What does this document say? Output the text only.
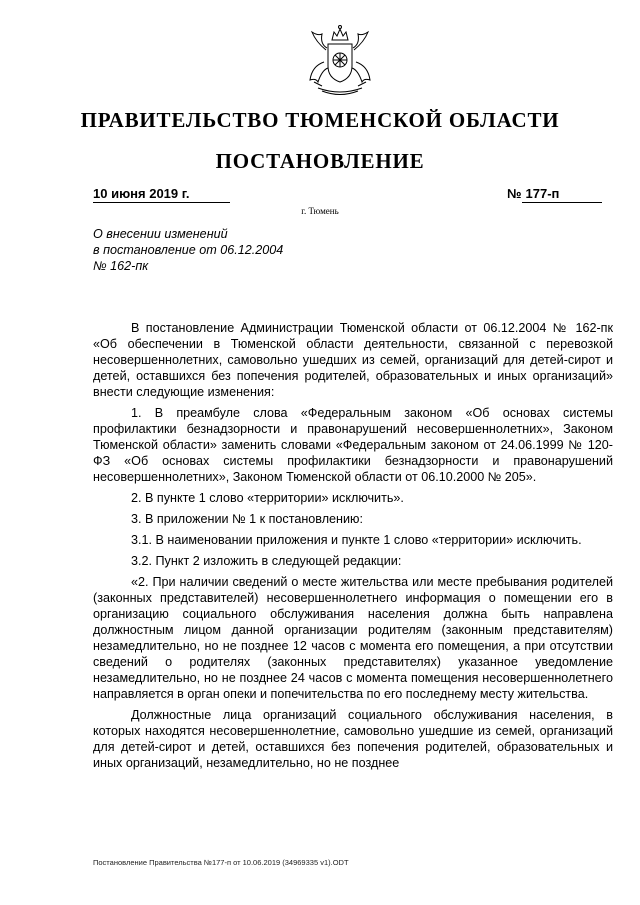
ПРАВИТЕЛЬСТВО ТЮМЕНСКОЙ ОБЛАСТИ
ПОСТАНОВЛЕНИЕ
10 июня 2019 г.	№ 177-п
г. Тюмень
О внесении изменений
в постановление от 06.12.2004
№ 162-пк

В постановление Администрации Тюменской области от 06.12.2004 № 162-пк «Об обеспечении в Тюменской области деятельности, связанной с перевозкой несовершеннолетних, самовольно ушедших из семей, организаций для детей-сирот и детей, оставшихся без попечения родителей, образовательных и иных организаций» внести следующие изменения:

1. В преамбуле слова «Федеральным законом «Об основах системы профилактики безнадзорности и правонарушений несовершеннолетних», Законом Тюменской области» заменить словами «Федеральным законом от 24.06.1999 № 120-ФЗ «Об основах системы профилактики безнадзорности и правонарушений несовершеннолетних», Законом Тюменской области от 06.10.2000 № 205».

2. В пункте 1 слово «территории» исключить».

3. В приложении № 1 к постановлению:

3.1. В наименовании приложения и пункте 1 слово «территории» исключить.

3.2. Пункт 2 изложить в следующей редакции:

«2. При наличии сведений о месте жительства или месте пребывания родителей (законных представителей) несовершеннолетнего информация о помещении его в организацию социального обслуживания населения должна быть направлена должностным лицом данной организации родителям (законным представителям) незамедлительно, но не позднее 12 часов с момента его помещения, а при отсутствии сведений о родителях (законных представителях) указанное уведомление незамедлительно, но не позднее 24 часов с момента помещения несовершеннолетнего направляется в орган опеки и попечительства по его последнему месту жительства.

Должностные лица организаций социального обслуживания населения, в которых находятся несовершеннолетние, самовольно ушедшие из семей, организаций для детей-сирот и детей, оставшихся без попечения родителей, образовательных и иных организаций, незамедлительно, но не позднее

Постановление Правительства №177-п от 10.06.2019 (34969335 v1).ODT
